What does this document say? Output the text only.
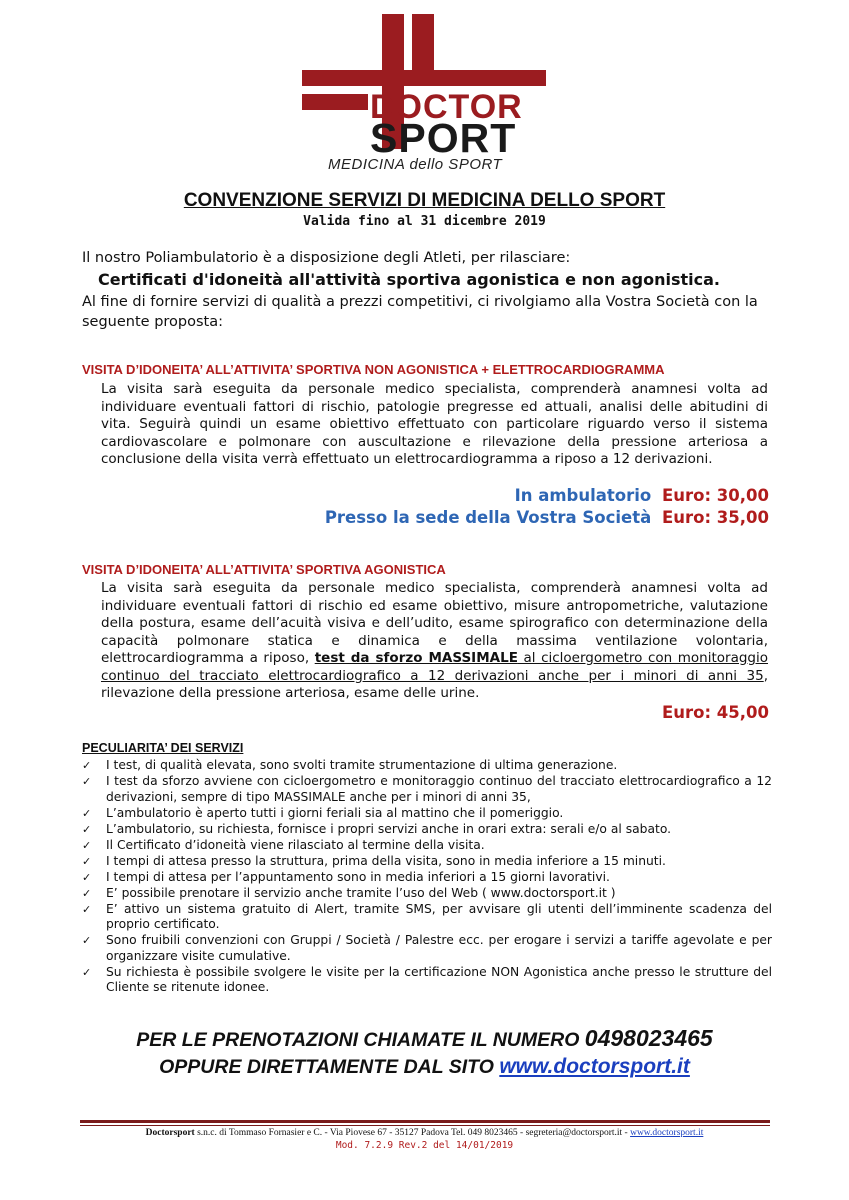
DOCTOR
SPORT
MEDICINA dello SPORT
CONVENZIONE SERVIZI DI MEDICINA DELLO SPORT
Valida fino al 31 dicembre 2019
Il nostro Poliambulatorio è a disposizione degli Atleti, per rilasciare:
Certificati d'idoneità all'attività sportiva agonistica e non agonistica.
Al fine di fornire servizi di qualità a prezzi competitivi, ci rivolgiamo alla Vostra Società con la seguente proposta:
VISITA D’IDONEITA’ ALL’ATTIVITA’ SPORTIVA NON AGONISTICA + ELETTROCARDIOGRAMMA
La visita sarà eseguita da personale medico specialista, comprenderà anamnesi volta ad individuare eventuali fattori di rischio, patologie pregresse ed attuali, analisi delle abitudini di vita. Seguirà quindi un esame obiettivo effettuato con particolare riguardo verso il sistema cardiovascolare e polmonare con auscultazione e rilevazione della pressione arteriosa a conclusione della visita verrà effettuato un elettrocardiogramma a riposo a 12 derivazioni.
In ambulatorio Euro: 30,00
Presso la sede della Vostra Società Euro: 35,00
VISITA D’IDONEITA’ ALL’ATTIVITA’ SPORTIVA AGONISTICA
La visita sarà eseguita da personale medico specialista, comprenderà anamnesi volta ad individuare eventuali fattori di rischio ed esame obiettivo, misure antropometriche, valutazione della postura, esame dell’acuità visiva e dell’udito, esame spirografico con determinazione della capacità polmonare statica e dinamica e della massima ventilazione volontaria, elettrocardiogramma a riposo, test da sforzo MASSIMALE al cicloergometro con monitoraggio continuo del tracciato elettrocardiografico a 12 derivazioni anche per i minori di anni 35, rilevazione della pressione arteriosa, esame delle urine.
Euro: 45,00
PECULIARITA’ DEI SERVIZI
✓ I test, di qualità elevata, sono svolti tramite strumentazione di ultima generazione.
✓ I test da sforzo avviene con cicloergometro e monitoraggio continuo del tracciato elettrocardiografico a 12 derivazioni, sempre di tipo MASSIMALE anche per i minori di anni 35,
✓ L’ambulatorio è aperto tutti i giorni feriali sia al mattino che il pomeriggio.
✓ L’ambulatorio, su richiesta, fornisce i propri servizi anche in orari extra: serali e/o al sabato.
✓ Il Certificato d’idoneità viene rilasciato al termine della visita.
✓ I tempi di attesa presso la struttura, prima della visita, sono in media inferiore a 15 minuti.
✓ I tempi di attesa per l’appuntamento sono in media inferiori a 15 giorni lavorativi.
✓ E’ possibile prenotare il servizio anche tramite l’uso del Web ( www.doctorsport.it )
✓ E’ attivo un sistema gratuito di Alert, tramite SMS, per avvisare gli utenti dell’imminente scadenza del proprio certificato.
✓ Sono fruibili convenzioni con Gruppi / Società / Palestre ecc. per erogare i servizi a tariffe agevolate e per organizzare visite cumulative.
✓ Su richiesta è possibile svolgere le visite per la certificazione NON Agonistica anche presso le strutture del Cliente se ritenute idonee.
PER LE PRENOTAZIONI CHIAMATE IL NUMERO 0498023465
OPPURE DIRETTAMENTE DAL SITO www.doctorsport.it
Doctorsport s.n.c. di Tommaso Fornasier e C. - Via Piovese 67 - 35127 Padova Tel. 049 8023465 - segreteria@doctorsport.it - www.doctorsport.it
Mod. 7.2.9 Rev.2 del 14/01/2019
